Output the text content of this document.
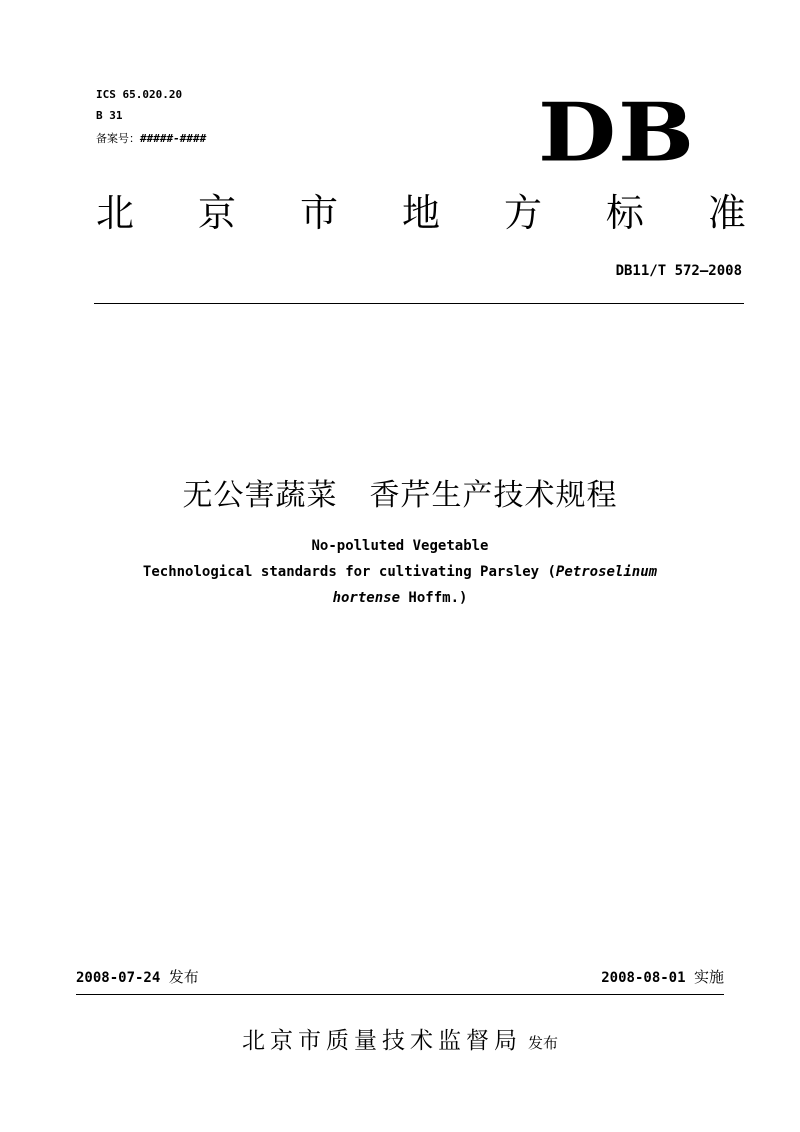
ICS 65.020.20
B 31
备案号：#####-####	DB
北 京 市 地 方 标 准
DB11/T 572—2008
无公害蔬菜 香芹生产技术规程
No-polluted Vegetable
Technological standards for cultivating Parsley (Petroselinum
hortense Hoffm.)
2008-07-24 发布	2008-08-01 实施
北京市质量技术监督局 发布
